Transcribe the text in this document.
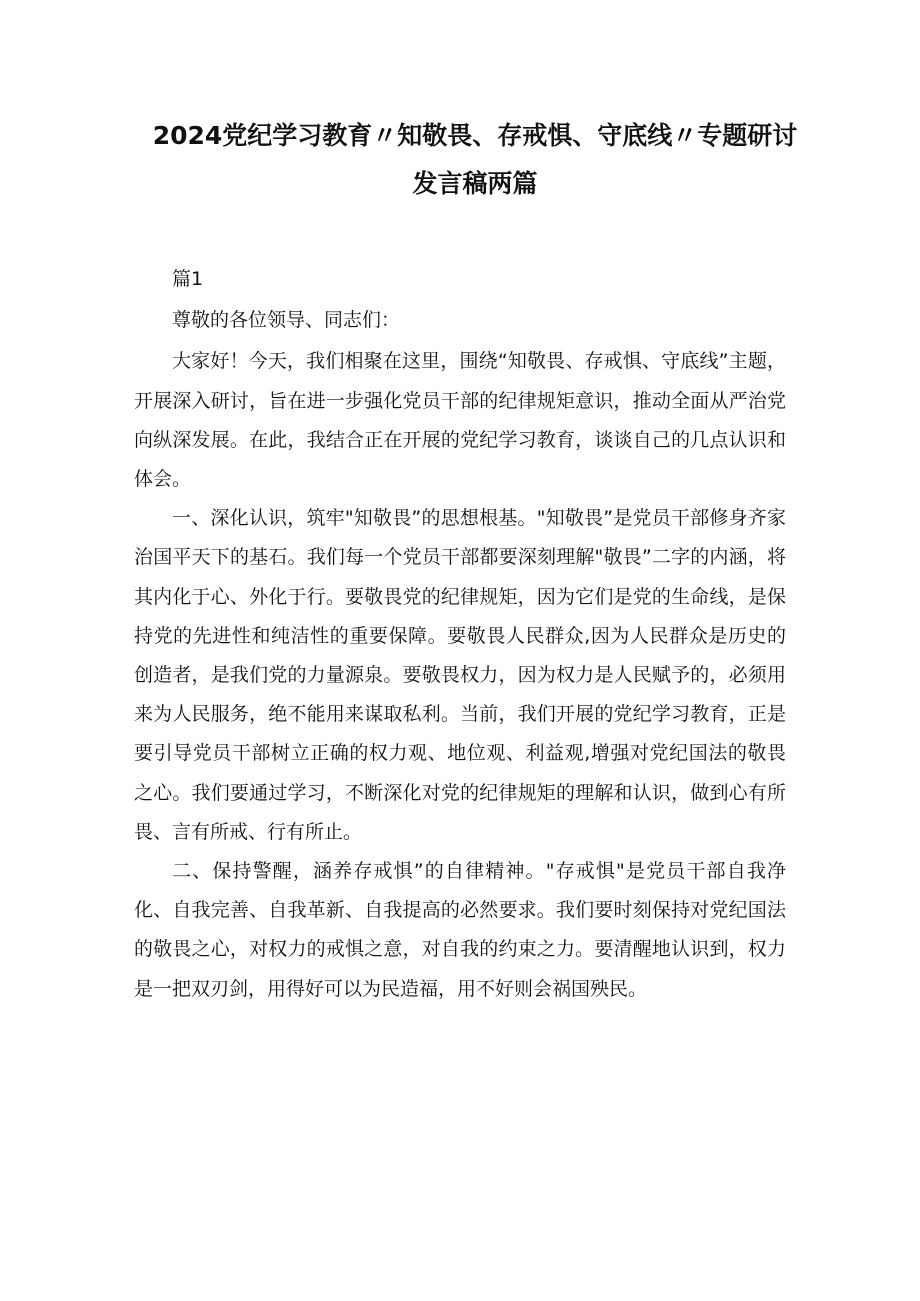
2024党纪学习教育〃知敬畏、存戒惧、守底线〃专题研讨发言稿两篇

篇1

尊敬的各位领导、同志们：

大家好！今天，我们相聚在这里，围绕“知敬畏、存戒惧、守底线”主题，开展深入研讨，旨在进一步强化党员干部的纪律规矩意识，推动全面从严治党向纵深发展。在此，我结合正在开展的党纪学习教育，谈谈自己的几点认识和体会。

一、深化认识，筑牢"知敬畏”的思想根基。"知敬畏”是党员干部修身齐家治国平天下的基石。我们每一个党员干部都要深刻理解"敬畏”二字的内涵，将其内化于心、外化于行。要敬畏党的纪律规矩，因为它们是党的生命线，是保持党的先进性和纯洁性的重要保障。要敬畏人民群众,因为人民群众是历史的创造者，是我们党的力量源泉。要敬畏权力，因为权力是人民赋予的，必须用来为人民服务，绝不能用来谋取私利。当前，我们开展的党纪学习教育，正是要引导党员干部树立正确的权力观、地位观、利益观,增强对党纪国法的敬畏之心。我们要通过学习，不断深化对党的纪律规矩的理解和认识，做到心有所畏、言有所戒、行有所止。

二、保持警醒，涵养存戒惧”的自律精神。"存戒惧"是党员干部自我净化、自我完善、自我革新、自我提高的必然要求。我们要时刻保持对党纪国法的敬畏之心，对权力的戒惧之意，对自我的约束之力。要清醒地认识到，权力是一把双刃剑，用得好可以为民造福，用不好则会祸国殃民。
